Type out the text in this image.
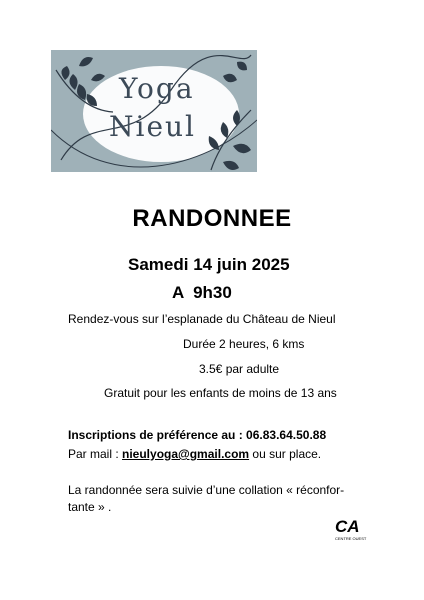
Yoga
Nieul
RANDONNEE
Samedi 14 juin 2025
A  9h30
Rendez-vous sur l’esplanade du Château de Nieul
Durée 2 heures, 6 kms
3.5€ par adulte
Gratuit pour les enfants de moins de 13 ans
Inscriptions de préférence au : 06.83.64.50.88
Par mail : nieulyoga@gmail.com ou sur place.
La randonnée sera suivie d’une collation « réconfor-
tante » .
CA
CENTRE OUEST
